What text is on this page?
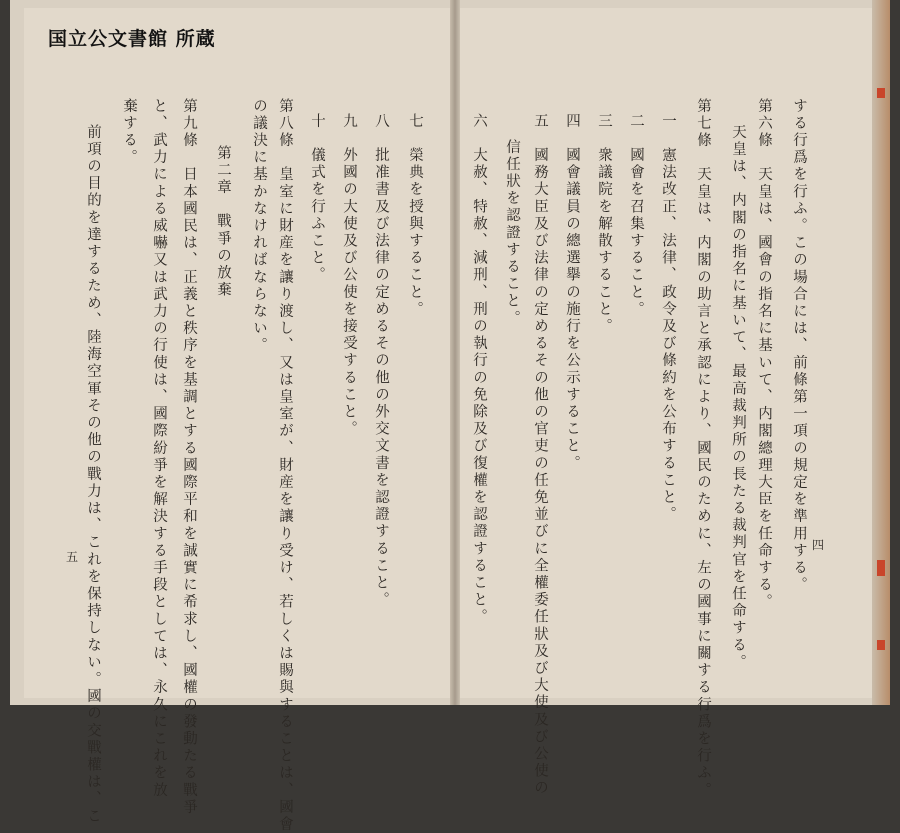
国立公文書館 所蔵
する行爲を行ふ。この場合には、前條第一項の規定を準用する。
第六條　天皇は、國會の指名に基いて、内閣總理大臣を任命する。
天皇は、内閣の指名に基いて、最高裁判所の長たる裁判官を任命する。
第七條　天皇は、内閣の助言と承認により、國民のために、左の國事に關する行爲を行ふ。
一　憲法改正、法律、政令及び條約を公布すること。
二　國會を召集すること。
三　衆議院を解散すること。
四　國會議員の總選擧の施行を公示すること。
五　國務大臣及び法律の定めるその他の官吏の任免並びに全權委任狀及び大使及び公使の
信任狀を認證すること。
六　大赦、特赦、減刑、刑の執行の免除及び復權を認證すること。	四
七　榮典を授與すること。
八　批准書及び法律の定めるその他の外交文書を認證すること。
九　外國の大使及び公使を接受すること。
十　儀式を行ふこと。
第八條　皇室に財産を讓り渡し、又は皇室が、財産を讓り受け、若しくは賜與することは、國會
の議決に基かなければならない。
第二章　戰爭の放棄
第九條　日本國民は、正義と秩序を基調とする國際平和を誠實に希求し、國權の發動たる戰爭
と、武力による威嚇又は武力の行使は、國際紛爭を解決する手段としては、永久にこれを放
棄する。
前項の目的を達するため、陸海空軍その他の戰力は、これを保持しない。國の交戰權は、こ
五
